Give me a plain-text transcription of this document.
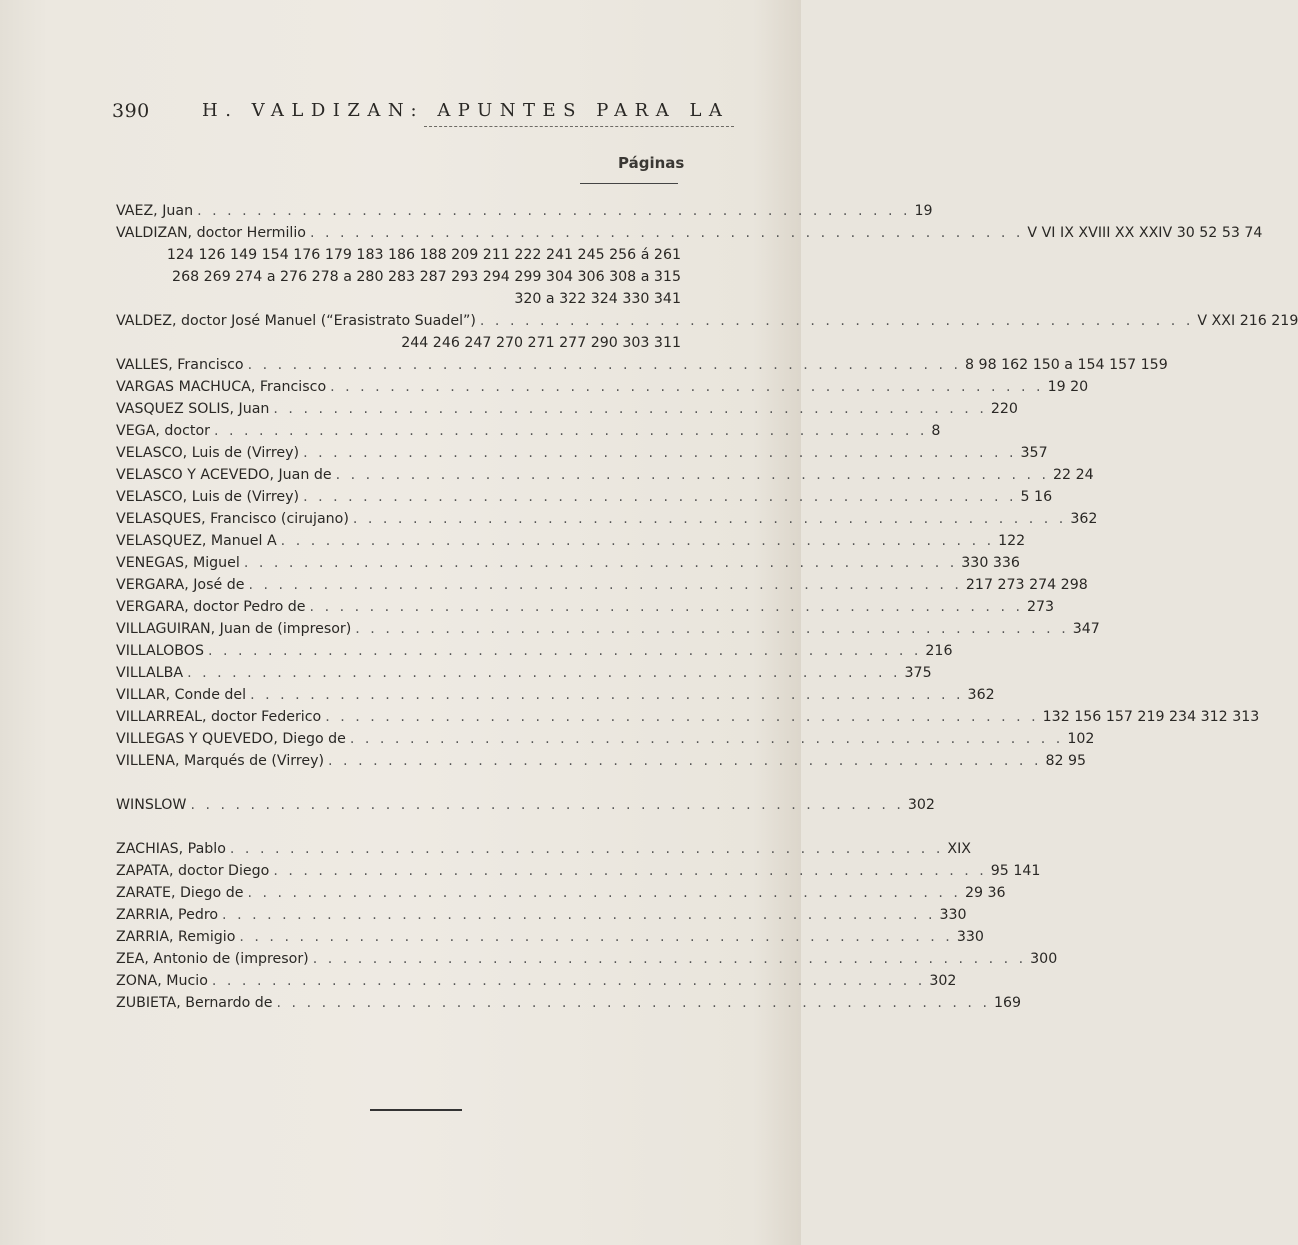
390	H. VALDIZAN: APUNTES PARA LA
Páginas
VAEZ, Juan . . . . . . . . . . . . . . . . . . . . . . . . . . . . . . . . . . . . . . . . . . . . . . . . 19
VALDIZAN, doctor Hermilio . . . . . . . . . . . . . . . . . . . . . . . . . . . . . . . . . . . . . . . . . . . . . . . . V VI IX XVIII XX XXIV 30 52 53 74
124 126 149 154 176 179 183 186 188 209 211 222 241 245 256 á 261
268 269 274 a 276 278 a 280 283 287 293 294 299 304 306 308 a 315
320 a 322 324 330 341
VALDEZ, doctor José Manuel (“Erasistrato Suadel”) . . . . . . . . . . . . . . . . . . . . . . . . . . . . . . . . . . . . . . . . . . . . . . . . V XXI 216 219
244 246 247 270 271 277 290 303 311
VALLES, Francisco . . . . . . . . . . . . . . . . . . . . . . . . . . . . . . . . . . . . . . . . . . . . . . . . 8 98 162 150 a 154 157 159
VARGAS MACHUCA, Francisco . . . . . . . . . . . . . . . . . . . . . . . . . . . . . . . . . . . . . . . . . . . . . . . . 19 20
VASQUEZ SOLIS, Juan . . . . . . . . . . . . . . . . . . . . . . . . . . . . . . . . . . . . . . . . . . . . . . . . 220
VEGA, doctor . . . . . . . . . . . . . . . . . . . . . . . . . . . . . . . . . . . . . . . . . . . . . . . . 8
VELASCO, Luis de (Virrey) . . . . . . . . . . . . . . . . . . . . . . . . . . . . . . . . . . . . . . . . . . . . . . . . 357
VELASCO Y ACEVEDO, Juan de . . . . . . . . . . . . . . . . . . . . . . . . . . . . . . . . . . . . . . . . . . . . . . . . 22 24
VELASCO, Luis de (Virrey) . . . . . . . . . . . . . . . . . . . . . . . . . . . . . . . . . . . . . . . . . . . . . . . . 5 16
VELASQUES, Francisco (cirujano) . . . . . . . . . . . . . . . . . . . . . . . . . . . . . . . . . . . . . . . . . . . . . . . . 362
VELASQUEZ, Manuel A . . . . . . . . . . . . . . . . . . . . . . . . . . . . . . . . . . . . . . . . . . . . . . . . 122
VENEGAS, Miguel . . . . . . . . . . . . . . . . . . . . . . . . . . . . . . . . . . . . . . . . . . . . . . . . 330 336
VERGARA, José de . . . . . . . . . . . . . . . . . . . . . . . . . . . . . . . . . . . . . . . . . . . . . . . . 217 273 274 298
VERGARA, doctor Pedro de . . . . . . . . . . . . . . . . . . . . . . . . . . . . . . . . . . . . . . . . . . . . . . . . 273
VILLAGUIRAN, Juan de (impresor) . . . . . . . . . . . . . . . . . . . . . . . . . . . . . . . . . . . . . . . . . . . . . . . . 347
VILLALOBOS . . . . . . . . . . . . . . . . . . . . . . . . . . . . . . . . . . . . . . . . . . . . . . . . 216
VILLALBA . . . . . . . . . . . . . . . . . . . . . . . . . . . . . . . . . . . . . . . . . . . . . . . . 375
VILLAR, Conde del . . . . . . . . . . . . . . . . . . . . . . . . . . . . . . . . . . . . . . . . . . . . . . . . 362
VILLARREAL, doctor Federico . . . . . . . . . . . . . . . . . . . . . . . . . . . . . . . . . . . . . . . . . . . . . . . . 132 156 157 219 234 312 313
VILLEGAS Y QUEVEDO, Diego de . . . . . . . . . . . . . . . . . . . . . . . . . . . . . . . . . . . . . . . . . . . . . . . . 102
VILLENA, Marqués de (Virrey) . . . . . . . . . . . . . . . . . . . . . . . . . . . . . . . . . . . . . . . . . . . . . . . . 82 95
WINSLOW . . . . . . . . . . . . . . . . . . . . . . . . . . . . . . . . . . . . . . . . . . . . . . . . 302
ZACHIAS, Pablo . . . . . . . . . . . . . . . . . . . . . . . . . . . . . . . . . . . . . . . . . . . . . . . . XIX
ZAPATA, doctor Diego . . . . . . . . . . . . . . . . . . . . . . . . . . . . . . . . . . . . . . . . . . . . . . . . 95 141
ZARATE, Diego de . . . . . . . . . . . . . . . . . . . . . . . . . . . . . . . . . . . . . . . . . . . . . . . . 29 36
ZARRIA, Pedro . . . . . . . . . . . . . . . . . . . . . . . . . . . . . . . . . . . . . . . . . . . . . . . . 330
ZARRIA, Remigio . . . . . . . . . . . . . . . . . . . . . . . . . . . . . . . . . . . . . . . . . . . . . . . . 330
ZEA, Antonio de (impresor) . . . . . . . . . . . . . . . . . . . . . . . . . . . . . . . . . . . . . . . . . . . . . . . . 300
ZONA, Mucio . . . . . . . . . . . . . . . . . . . . . . . . . . . . . . . . . . . . . . . . . . . . . . . . 302
ZUBIETA, Bernardo de . . . . . . . . . . . . . . . . . . . . . . . . . . . . . . . . . . . . . . . . . . . . . . . . 169
